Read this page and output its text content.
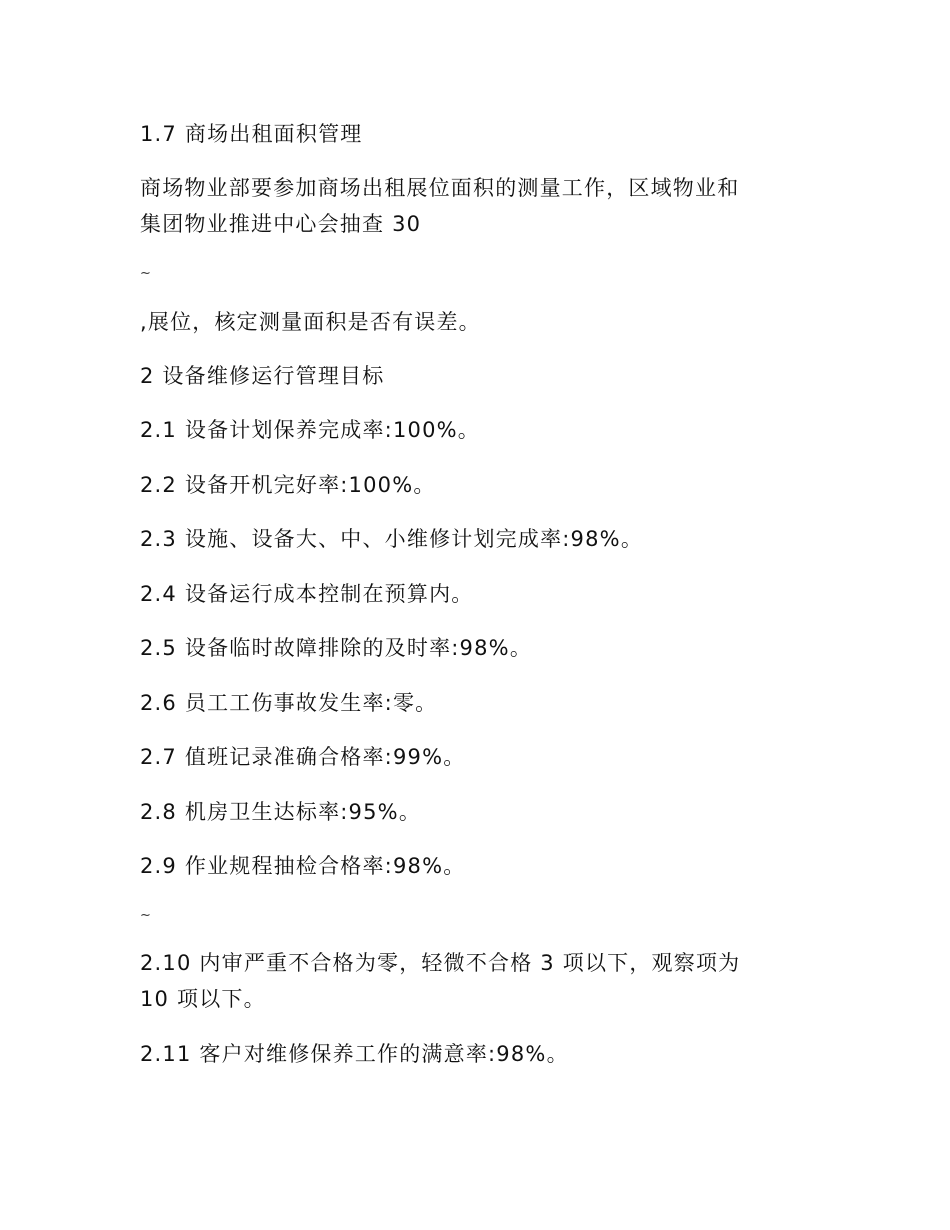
1.7 商场出租面积管理
商场物业部要参加商场出租展位面积的测量工作，区域物业和
集团物业推进中心会抽查 30
~
,展位，核定测量面积是否有误差。
2 设备维修运行管理目标
2.1 设备计划保养完成率:100%。
2.2 设备开机完好率:100%。
2.3 设施、设备大、中、小维修计划完成率:98%。
2.4 设备运行成本控制在预算内。
2.5 设备临时故障排除的及时率:98%。
2.6 员工工伤事故发生率:零。
2.7 值班记录准确合格率:99%。
2.8 机房卫生达标率:95%。
2.9 作业规程抽检合格率:98%。
~
2.10 内审严重不合格为零，轻微不合格 3 项以下，观察项为
10 项以下。
2.11 客户对维修保养工作的满意率:98%。
